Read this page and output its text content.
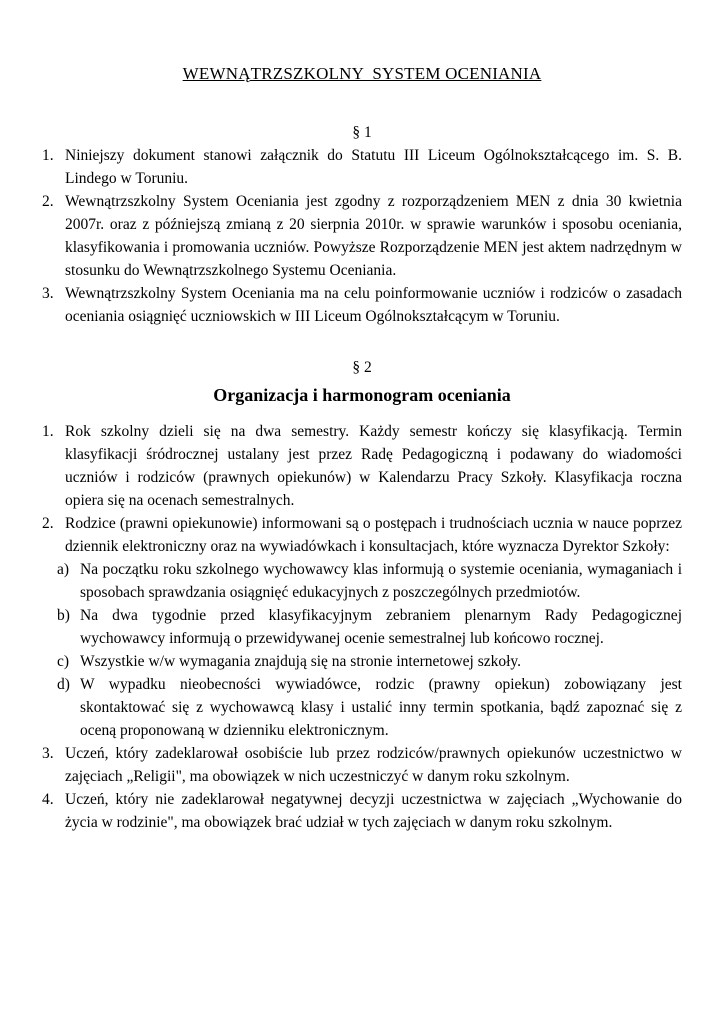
WEWNĄTRZSZKOLNY  SYSTEM OCENIANIA

§ 1

1. Niniejszy dokument stanowi załącznik do Statutu III Liceum Ogólnokształcącego im. S. B. Lindego w Toruniu.
2. Wewnątrzszkolny System Oceniania jest zgodny z rozporządzeniem MEN z dnia 30 kwietnia 2007r. oraz z późniejszą zmianą z 20 sierpnia 2010r. w sprawie warunków i sposobu oceniania, klasyfikowania i promowania uczniów. Powyższe Rozporządzenie MEN jest aktem nadrzędnym w stosunku do Wewnątrzszkolnego Systemu Oceniania.
3. Wewnątrzszkolny System Oceniania ma na celu poinformowanie uczniów i rodziców o zasadach oceniania osiągnięć uczniowskich w III Liceum Ogólnokształcącym w Toruniu.

§ 2

Organizacja i harmonogram oceniania
1. Rok szkolny dzieli się na dwa semestry. Każdy semestr kończy się klasyfikacją. Termin klasyfikacji śródrocznej ustalany jest przez Radę Pedagogiczną i podawany do wiadomości uczniów i rodziców (prawnych opiekunów) w Kalendarzu Pracy Szkoły. Klasyfikacja roczna opiera się na ocenach semestralnych.
2. Rodzice (prawni opiekunowie) informowani są o postępach i trudnościach ucznia w nauce poprzez dziennik elektroniczny oraz na wywiadówkach i konsultacjach, które wyznacza Dyrektor Szkoły:
a) Na początku roku szkolnego wychowawcy klas informują o systemie oceniania, wymaganiach i sposobach sprawdzania osiągnięć edukacyjnych z poszczególnych przedmiotów.
b) Na dwa tygodnie przed klasyfikacyjnym zebraniem plenarnym Rady Pedagogicznej wychowawcy informują o przewidywanej ocenie semestralnej lub końcowo rocznej.
c) Wszystkie w/w wymagania znajdują się na stronie internetowej szkoły.
d) W wypadku nieobecności wywiadówce, rodzic (prawny opiekun) zobowiązany jest skontaktować się z wychowawcą klasy i ustalić inny termin spotkania, bądź zapoznać się z oceną proponowaną w dzienniku elektronicznym.
3. Uczeń, który zadeklarował osobiście lub przez rodziców/prawnych opiekunów uczestnictwo w zajęciach „Religii", ma obowiązek w nich uczestniczyć w danym roku szkolnym.
4. Uczeń, który nie zadeklarował negatywnej decyzji uczestnictwa w zajęciach „Wychowanie do życia w rodzinie", ma obowiązek brać udział w tych zajęciach w danym roku szkolnym.
